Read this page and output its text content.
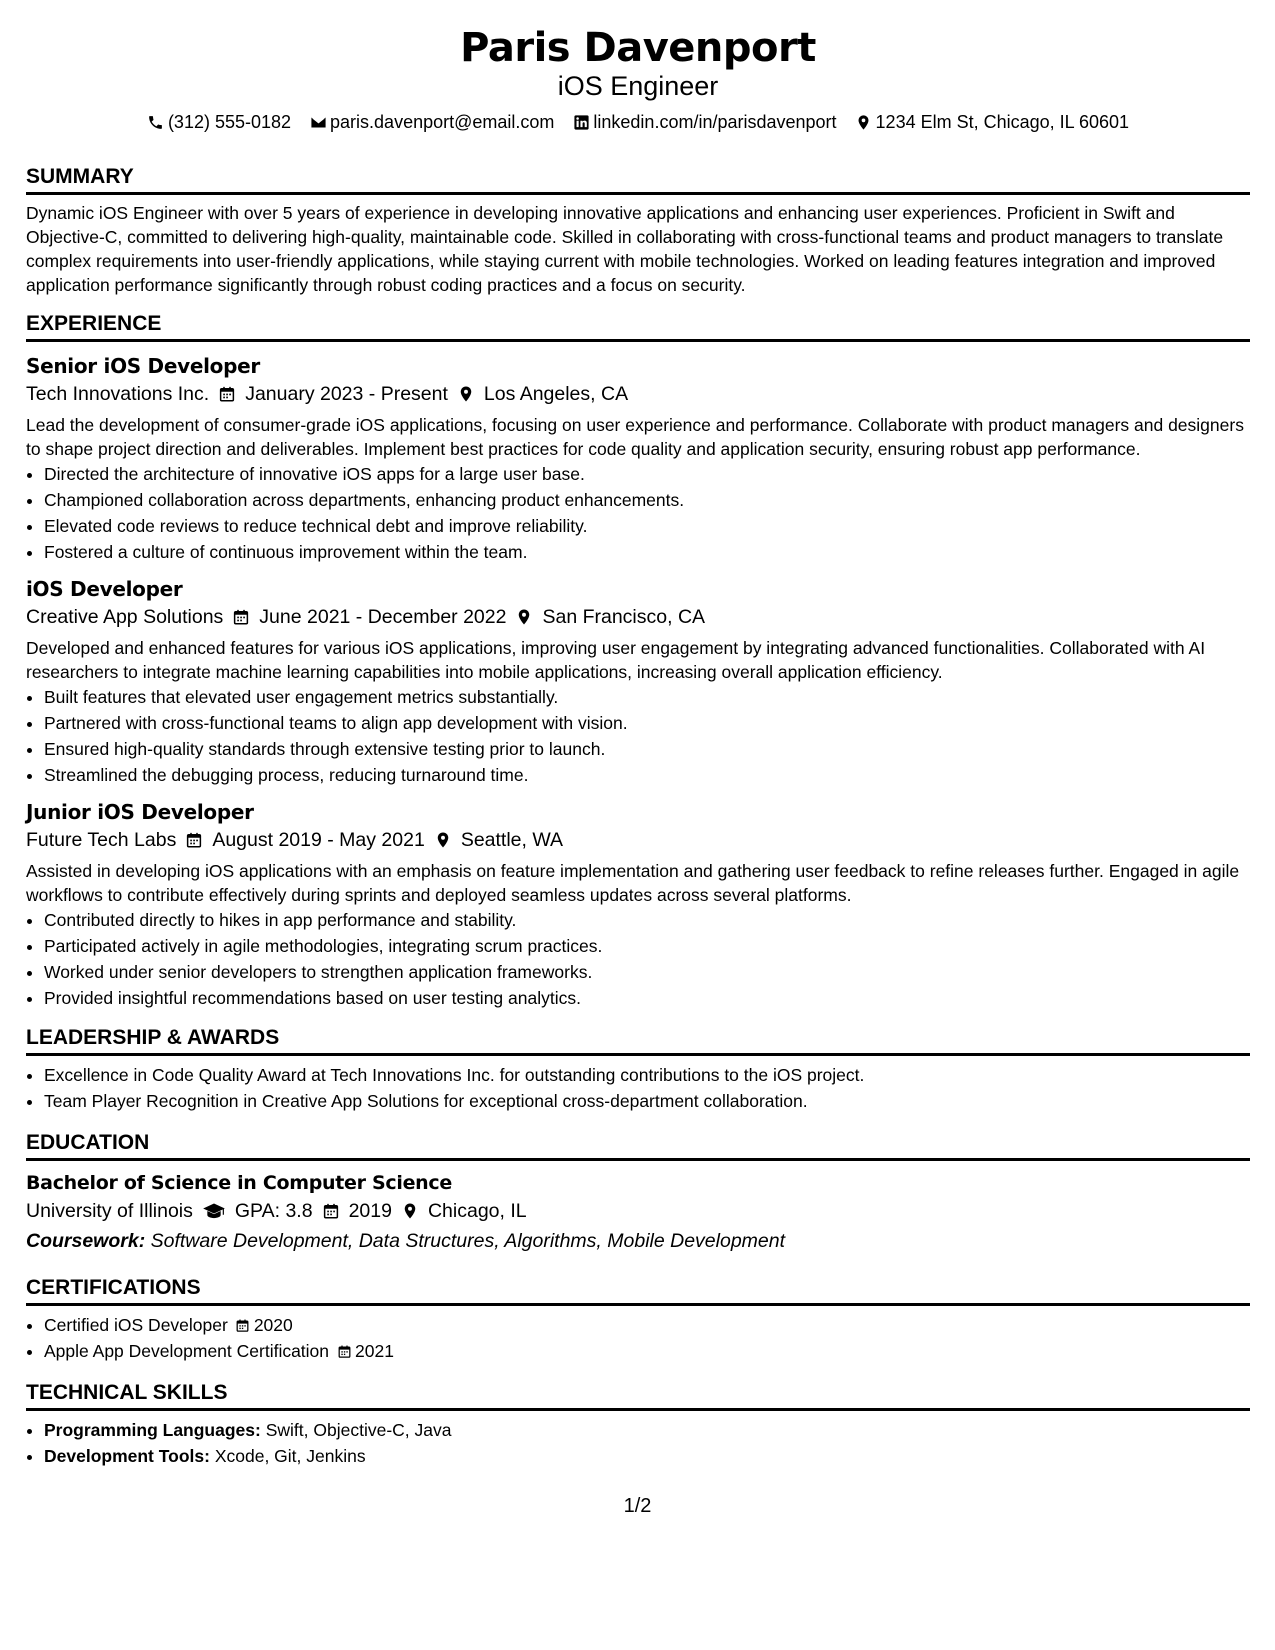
Paris Davenport
iOS Engineer
(312) 555-0182 paris.davenport@email.com linkedin.com/in/parisdavenport 1234 Elm St, Chicago, IL 60601
SUMMARY
Dynamic iOS Engineer with over 5 years of experience in developing innovative applications and enhancing user experiences. Proficient in Swift and Objective-C, committed to delivering high-quality, maintainable code. Skilled in collaborating with cross-functional teams and product managers to translate complex requirements into user-friendly applications, while staying current with mobile technologies. Worked on leading features integration and improved application performance significantly through robust coding practices and a focus on security.
EXPERIENCE
Senior iOS Developer
Tech Innovations Inc. January 2023 - Present Los Angeles, CA
Lead the development of consumer-grade iOS applications, focusing on user experience and performance. Collaborate with product managers and designers to shape project direction and deliverables. Implement best practices for code quality and application security, ensuring robust app performance.
• Directed the architecture of innovative iOS apps for a large user base.
• Championed collaboration across departments, enhancing product enhancements.
• Elevated code reviews to reduce technical debt and improve reliability.
• Fostered a culture of continuous improvement within the team.
iOS Developer
Creative App Solutions June 2021 - December 2022 San Francisco, CA
Developed and enhanced features for various iOS applications, improving user engagement by integrating advanced functionalities. Collaborated with AI researchers to integrate machine learning capabilities into mobile applications, increasing overall application efficiency.
• Built features that elevated user engagement metrics substantially.
• Partnered with cross-functional teams to align app development with vision.
• Ensured high-quality standards through extensive testing prior to launch.
• Streamlined the debugging process, reducing turnaround time.
Junior iOS Developer
Future Tech Labs August 2019 - May 2021 Seattle, WA
Assisted in developing iOS applications with an emphasis on feature implementation and gathering user feedback to refine releases further. Engaged in agile workflows to contribute effectively during sprints and deployed seamless updates across several platforms.
• Contributed directly to hikes in app performance and stability.
• Participated actively in agile methodologies, integrating scrum practices.
• Worked under senior developers to strengthen application frameworks.
• Provided insightful recommendations based on user testing analytics.
LEADERSHIP & AWARDS
• Excellence in Code Quality Award at Tech Innovations Inc. for outstanding contributions to the iOS project.
• Team Player Recognition in Creative App Solutions for exceptional cross-department collaboration.
EDUCATION
Bachelor of Science in Computer Science
University of Illinois GPA: 3.8 2019 Chicago, IL
Coursework: Software Development, Data Structures, Algorithms, Mobile Development
CERTIFICATIONS
• Certified iOS Developer 2020
• Apple App Development Certification 2021
TECHNICAL SKILLS
• Programming Languages: Swift, Objective-C, Java
• Development Tools: Xcode, Git, Jenkins
1/2
